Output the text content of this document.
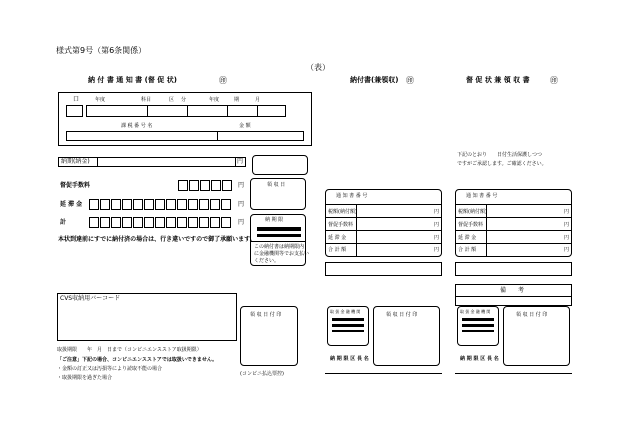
様式第9号（第6条関係）
（表）
納 付 書 通 知 書 (督 促 状)	㊞
口	年度	科目	区 分	年度	期	月
課 税 番 号 名	金 額
納期(納金)	円
督促手数料	円
延 滞 金	円
計	円
本状到達前にすでに納付済の場合は、行き違いですので御了承願います。
領 収 日
納 期 限
この納付書は納期限内
に金融機関等でお支払い
ください。
CVS収納用バーコード
取扱期限　　年　月　日まで（コンビニエンスストア取扱期限）
「ご注意」下記の場合、コンビニエンスストアでは取扱いできません。
・金額の訂正又は汚損等により読取不能の場合
・取扱期限を過ぎた場合
領 収 日 付 印
(コンビニ払込票控)
納付書(兼領収) ㊞
通 知 書 番 号
税額(納付額)	円
督促手数料	円
延 滞 金	円
合 計 額	円
取 扱 金 融 機 関
領 収 日 付 印
納 期 限 区 長 名
督 促 状 兼 領 収 書	㊞
下記のとおり　　日付生活保護しつつ
ですがご承認します。ご確認ください。
通 知 書 番 号
税額(納付額)	円
督促手数料	円
延 滞 金	円
合 計 額	円
備　　考
取 扱 金 融 機 関
領 収 日 付 印
納 期 限 区 長 名
